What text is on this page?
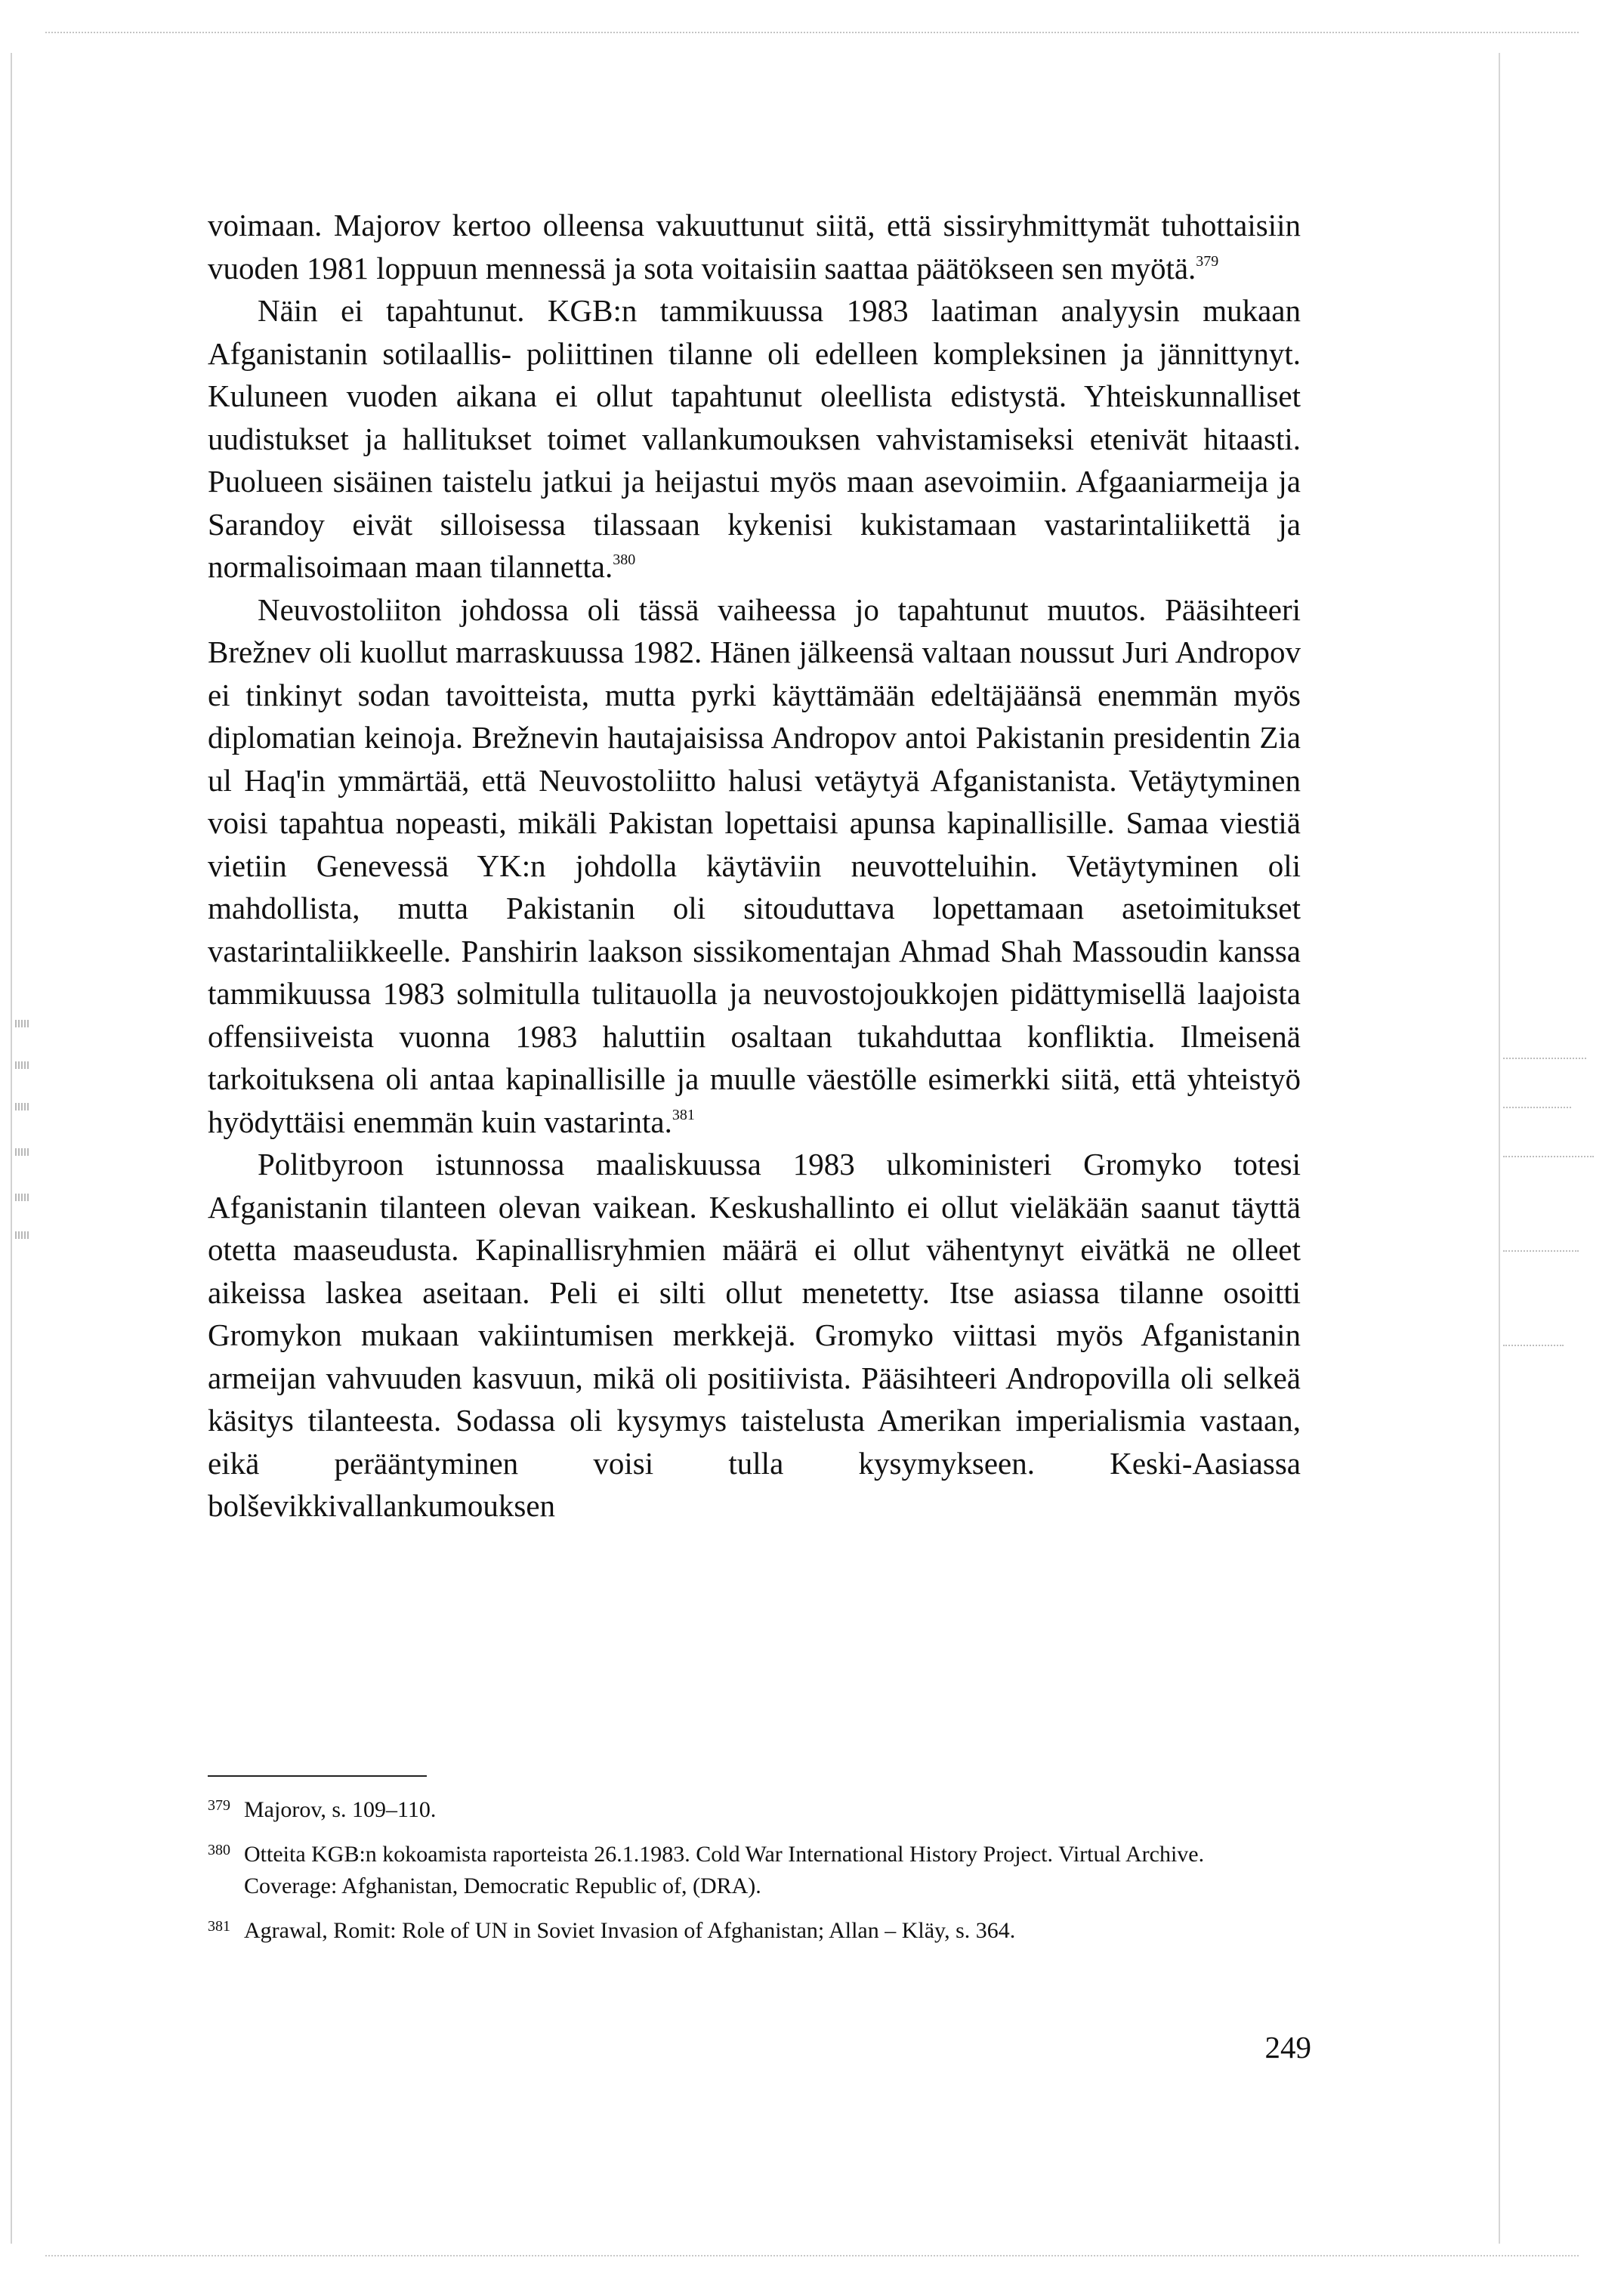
voimaan. Majorov kertoo olleensa vakuuttunut siitä, että sissiryhmittymät tuhottaisiin vuoden 1981 loppuun mennessä ja sota voitaisiin saattaa päätökseen sen myötä.$^{379}$

Näin ei tapahtunut. KGB:n tammikuussa 1983 laatiman analyysin mukaan Afganistanin sotilaallis- poliittinen tilanne oli edelleen kompleksinen ja jännittynyt. Kuluneen vuoden aikana ei ollut tapahtunut oleellista edistystä. Yhteiskunnalliset uudistukset ja hallitukset toimet vallankumouksen vahvistamiseksi etenivät hitaasti. Puolueen sisäinen taistelu jatkui ja heijastui myös maan asevoimiin. Afgaaniarmeija ja Sarandoy eivät silloisessa tilassaan kykenisi kukistamaan vastarintaliikettä ja normalisoimaan maan tilannetta.$^{380}$

Neuvostoliiton johdossa oli tässä vaiheessa jo tapahtunut muutos. Pääsihteeri Brežnev oli kuollut marraskuussa 1982. Hänen jälkeensä valtaan noussut Juri Andropov ei tinkinyt sodan tavoitteista, mutta pyrki käyttämään edeltäjäänsä enemmän myös diplomatian keinoja. Brežnevin hautajaisissa Andropov antoi Pakistanin presidentin Zia ul Haq'in ymmärtää, että Neuvostoliitto halusi vetäytyä Afganistanista. Vetäytyminen voisi tapahtua nopeasti, mikäli Pakistan lopettaisi apunsa kapinallisille. Samaa viestiä vietiin Genevessä YK:n johdolla käytäviin neuvotteluihin. Vetäytyminen oli mahdollista, mutta Pakistanin oli sitouduttava lopettamaan asetoimitukset vastarintaliikkeelle. Panshirin laakson sissikomentajan Ahmad Shah Massoudin kanssa tammikuussa 1983 solmitulla tulitauolla ja neuvostojoukkojen pidättymisellä laajoista offensiiveista vuonna 1983 haluttiin osaltaan tukahduttaa konfliktia. Ilmeisenä tarkoituksena oli antaa kapinallisille ja muulle väestölle esimerkki siitä, että yhteistyö hyödyttäisi enemmän kuin vastarinta.$^{381}$

Politbyroon istunnossa maaliskuussa 1983 ulkoministeri Gromyko totesi Afganistanin tilanteen olevan vaikean. Keskushallinto ei ollut vieläkään saanut täyttä otetta maaseudusta. Kapinallisryhmien määrä ei ollut vähentynyt eivätkä ne olleet aikeissa laskea aseitaan. Peli ei silti ollut menetetty. Itse asiassa tilanne osoitti Gromykon mukaan vakiintumisen merkkejä. Gromyko viittasi myös Afganistanin armeijan vahvuuden kasvuun, mikä oli positiivista. Pääsihteeri Andropovilla oli selkeä käsitys tilanteesta. Sodassa oli kysymys taistelusta Amerikan imperialismia vastaan, eikä perääntyminen voisi tulla kysymykseen. Keski-Aasiassa bolševikkivallankumouksen

379 Majorov, s. 109–110.
380 Otteita KGB:n kokoamista raporteista 26.1.1983. Cold War International History Project. Virtual Archive. Coverage: Afghanistan, Democratic Republic of, (DRA).
381 Agrawal, Romit: Role of UN in Soviet Invasion of Afghanistan; Allan – Kläy, s. 364.
249
